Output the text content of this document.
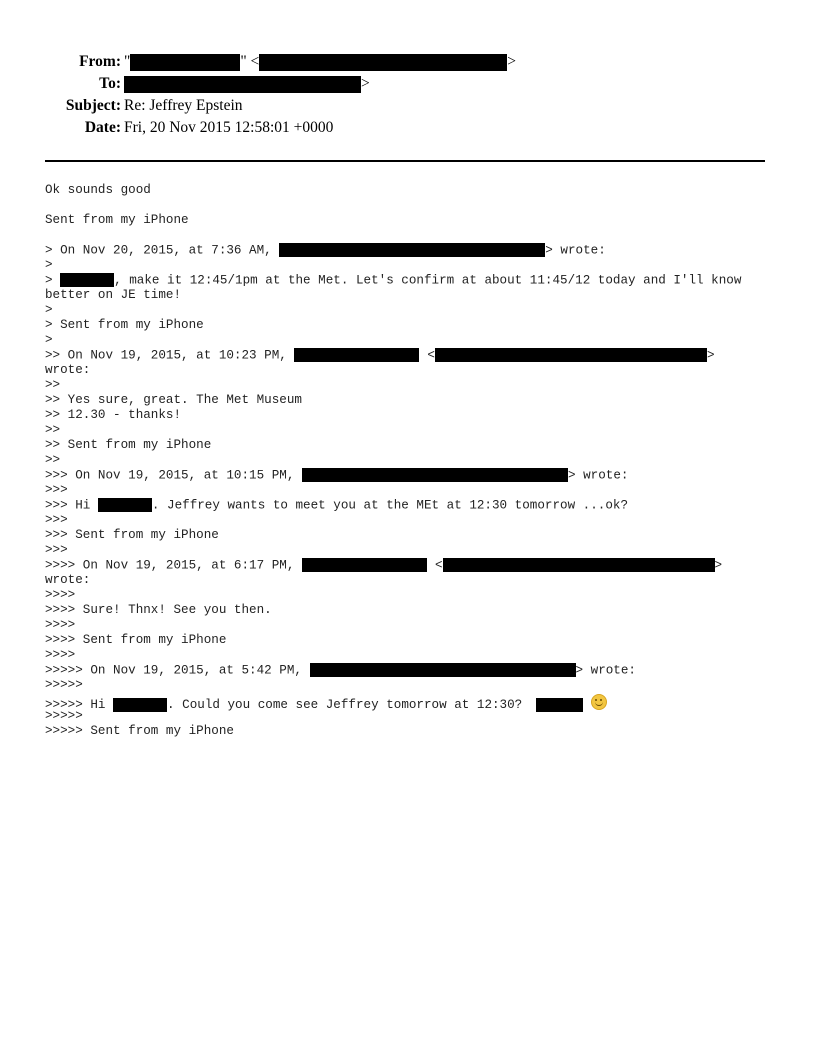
From: "	" <	>
To:	>
Subject: Re: Jeffrey Epstein
Date: Fri, 20 Nov 2015 12:58:01 +0000
Ok sounds good
Sent from my iPhone
> On Nov 20, 2015, at 7:36 AM,	> wrote:
>
>	, make it 12:45/1pm at the Met. Let's confirm at about 11:45/12 today and I'll know
better on JE time!
>
> Sent from my iPhone
>
>> On Nov 19, 2015, at 10:23 PM,	<	>
wrote:
>>
>> Yes sure, great. The Met Museum
>> 12.30 - thanks!
>>
>> Sent from my iPhone
>>
>>> On Nov 19, 2015, at 10:15 PM,	> wrote:
>>>
>>> Hi	. Jeffrey wants to meet you at the MEt at 12:30 tomorrow ...ok?
>>>
>>> Sent from my iPhone
>>>
>>>> On Nov 19, 2015, at 6:17 PM,	<	>
wrote:
>>>>
>>>> Sure! Thnx! See you then.
>>>>
>>>> Sent from my iPhone
>>>>
>>>>> On Nov 19, 2015, at 5:42 PM,	> wrote:
>>>>>
>>>>> Hi	. Could you come see Jeffrey tomorrow at 12:30?
>>>>>
>>>>> Sent from my iPhone
